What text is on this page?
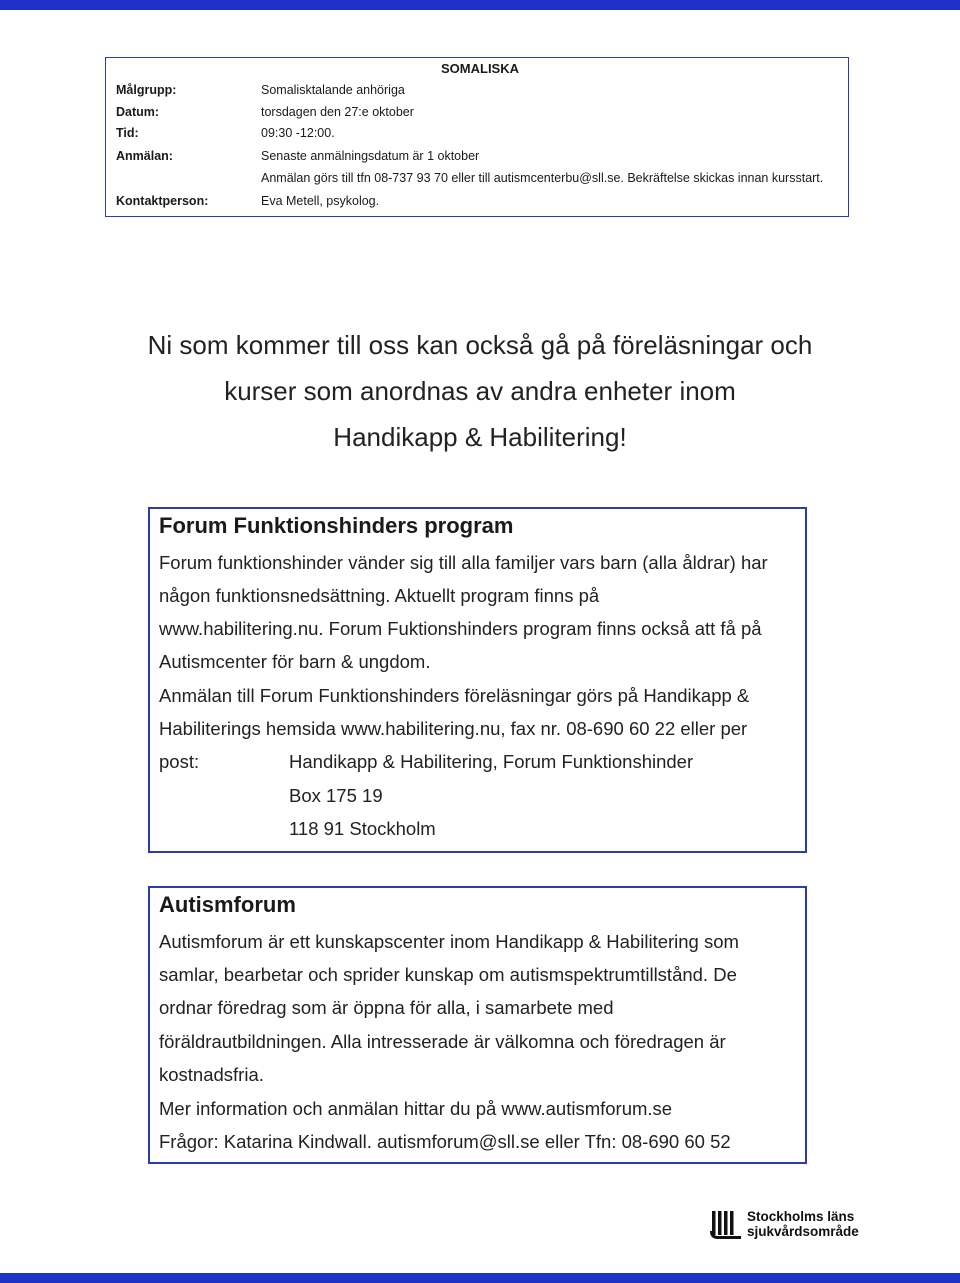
SOMALISKA
Målgrupp:	Somalisktalande anhöriga
Datum:	torsdagen den 27:e oktober
Tid:	09:30 -12:00.
Anmälan:	Senaste anmälningsdatum är 1 oktober
Anmälan görs till tfn 08-737 93 70 eller till autismcenterbu@sll.se. Bekräftelse skickas innan kursstart.
Kontaktperson:	Eva Metell, psykolog.
Ni som kommer till oss kan också gå på föreläsningar och
kurser som anordnas av andra enheter inom
Handikapp & Habilitering!
Forum Funktionshinders program
Forum funktionshinder vänder sig till alla familjer vars barn (alla åldrar) har
någon funktionsnedsättning. Aktuellt program finns på
www.habilitering.nu. Forum Fuktionshinders program finns också att få på
Autismcenter för barn & ungdom.
Anmälan till Forum Funktionshinders föreläsningar görs på Handikapp &
Habiliterings hemsida www.habilitering.nu, fax nr. 08-690 60 22 eller per
post:	Handikapp & Habilitering, Forum Funktionshinder
Box 175 19
118 91 Stockholm
Autismforum
Autismforum är ett kunskapscenter inom Handikapp & Habilitering som
samlar, bearbetar och sprider kunskap om autismspektrumtillstånd. De
ordnar föredrag som är öppna för alla, i samarbete med
föräldrautbildningen. Alla intresserade är välkomna och föredragen är
kostnadsfria.
Mer information och anmälan hittar du på www.autismforum.se
Frågor: Katarina Kindwall. autismforum@sll.se eller Tfn: 08-690 60 52
Stockholms läns
sjukvårdsområde
